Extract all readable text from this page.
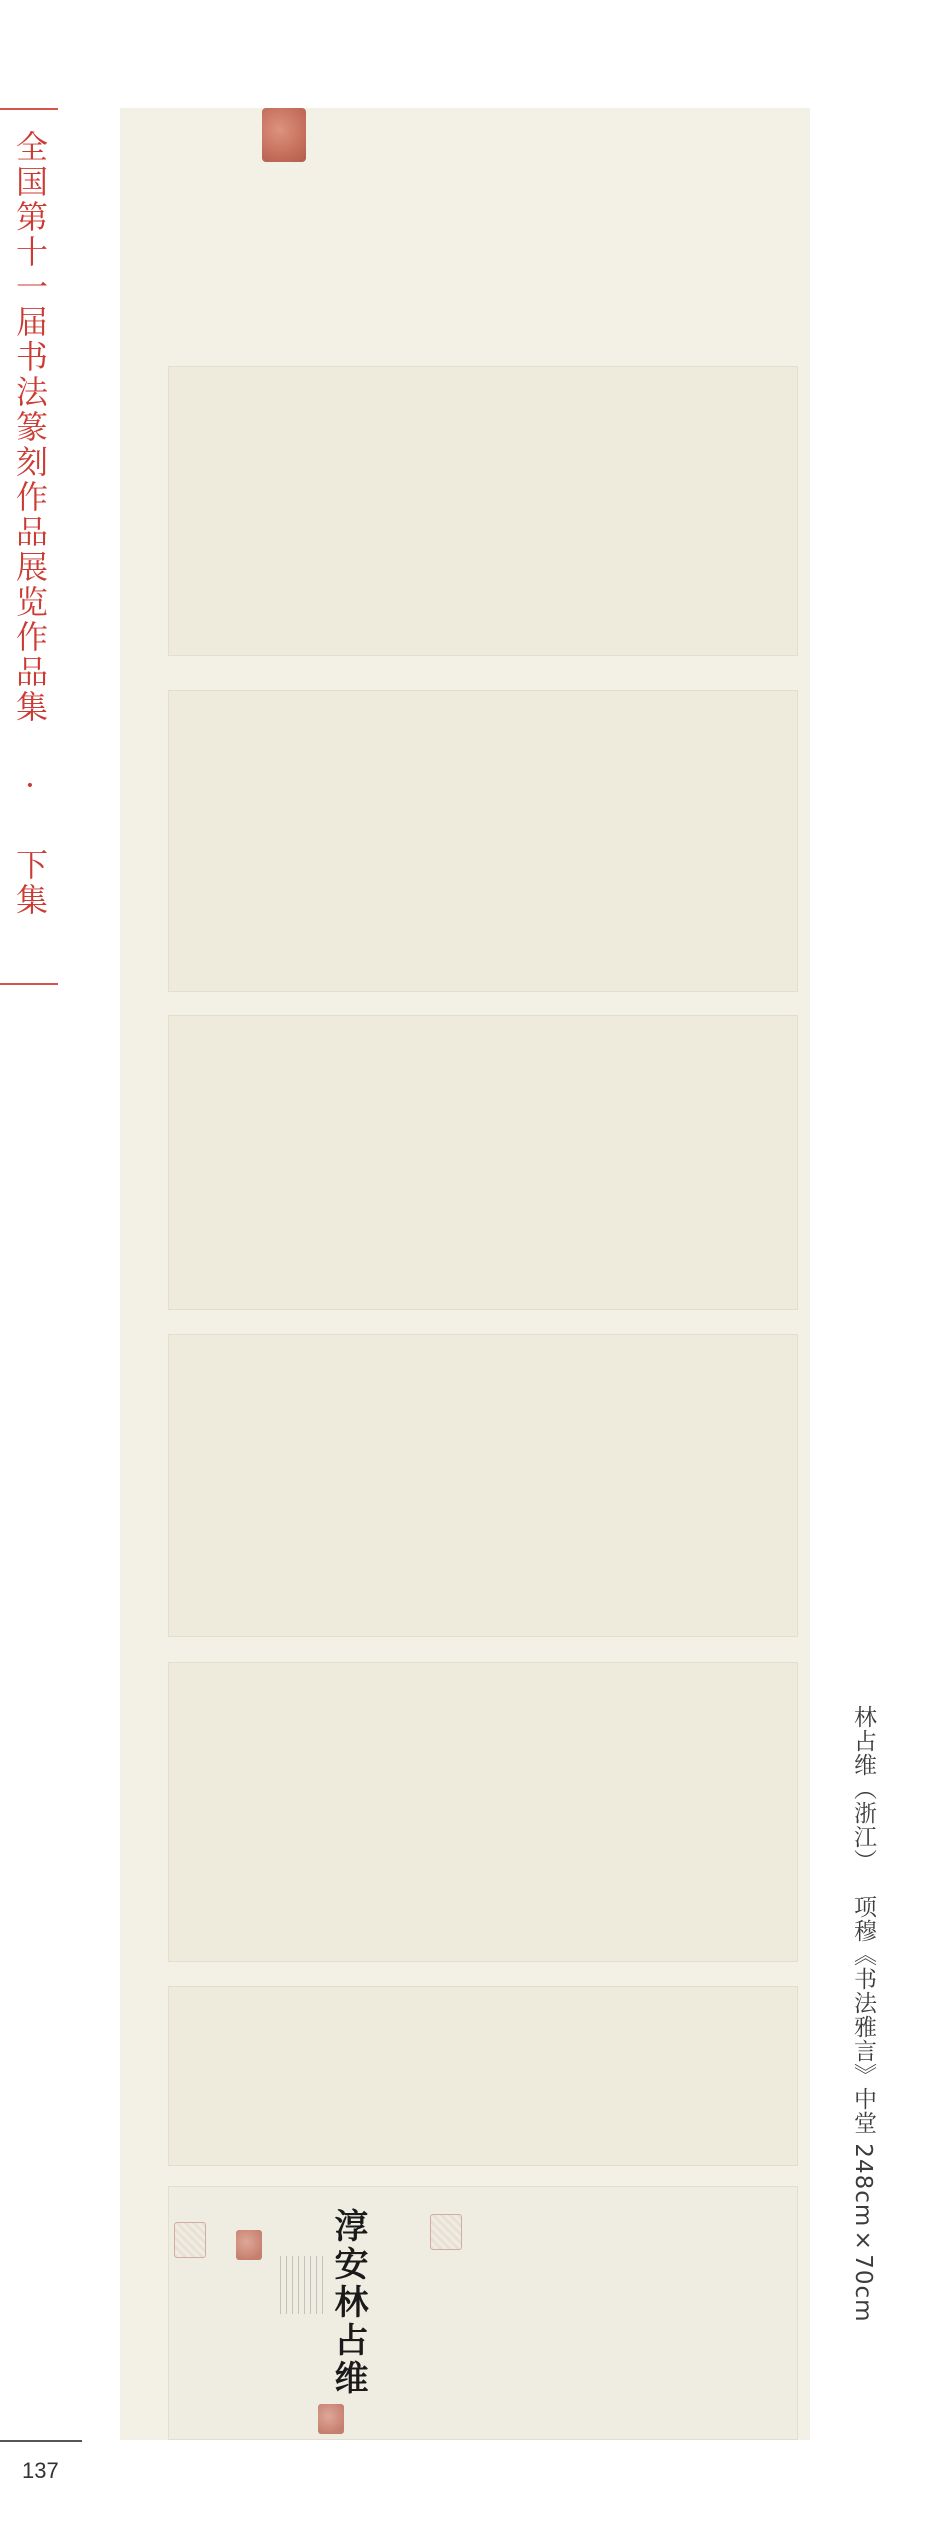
全国第十一届书法篆刻作品展览作品集 · 下集
淳安林占维
林占维（浙江）项穆《书法雅言》中堂 248cm×70cm
137
